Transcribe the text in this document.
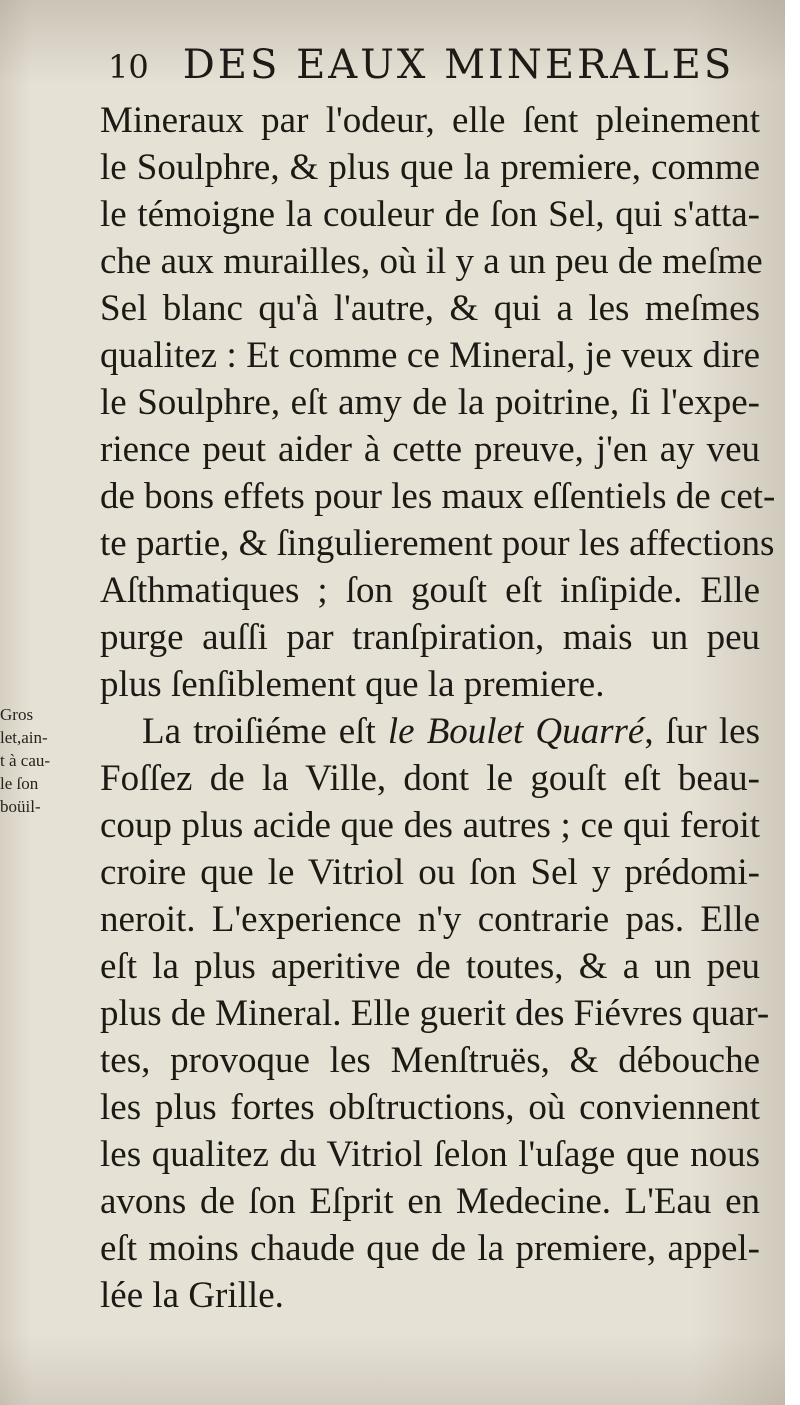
10 DES EAUX MINERALES
Mineraux par l'odeur, elle ſent pleinement
le Soulphre, & plus que la premiere, comme
le témoigne la couleur de ſon Sel, qui s'atta-
che aux murailles, où il y a un peu de meſme
Sel blanc qu'à l'autre, & qui a les meſmes
qualitez : Et comme ce Mineral, je veux dire
le Soulphre, eſt amy de la poitrine, ſi l'expe-
rience peut aider à cette preuve, j'en ay veu
de bons effets pour les maux eſſentiels de cet-
te partie, & ſingulierement pour les affections
Aſthmatiques ; ſon gouſt eſt inſipide. Elle
purge auſſi par tranſpiration, mais un peu
plus ſenſiblement que la premiere.
La troiſiéme eſt le Boulet Quarré, ſur les
Foſſez de la Ville, dont le gouſt eſt beau-
coup plus acide que des autres ; ce qui feroit
croire que le Vitriol ou ſon Sel y prédomi-
neroit. L'experience n'y contrarie pas. Elle
eſt la plus aperitive de toutes, & a un peu
plus de Mineral. Elle guerit des Fiévres quar-
tes, provoque les Menſtruës, & débouche
les plus fortes obſtructions, où conviennent
les qualitez du Vitriol ſelon l'uſage que nous
avons de ſon Eſprit en Medecine. L'Eau en
eſt moins chaude que de la premiere, appel-
lée la Grille.
Gros
let,ain-
t à cau-
le ſon
boüil-
